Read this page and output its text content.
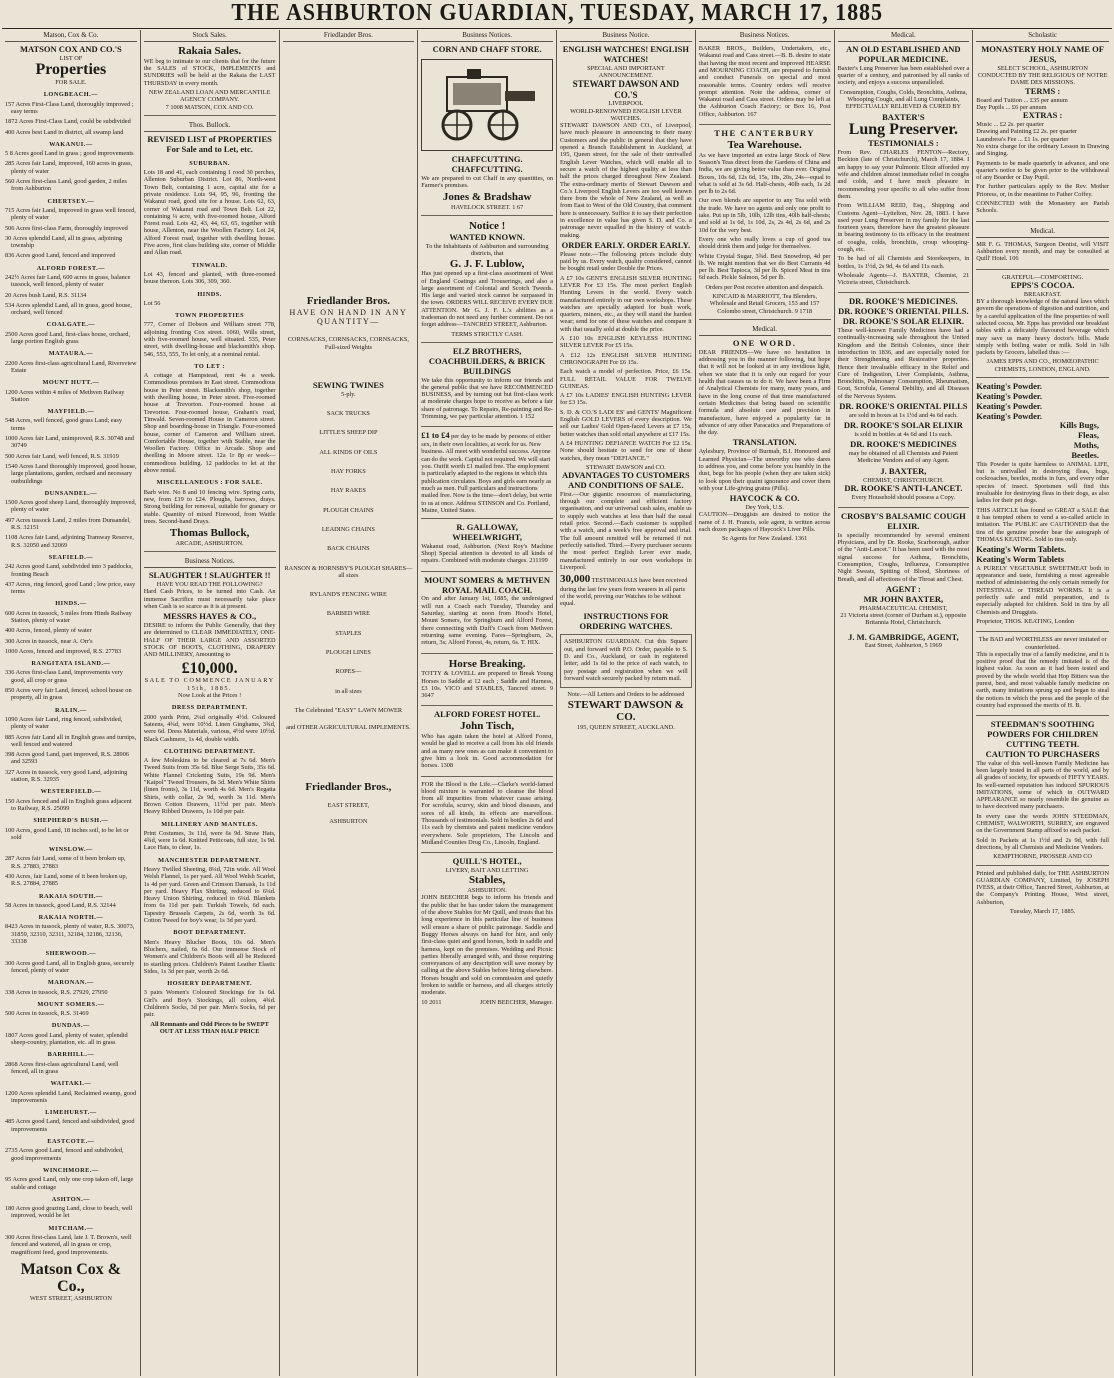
THE ASHBURTON GUARDIAN, TUESDAY, MARCH 17, 1885
Matson, Cox & Co.
MATSON COX AND CO.'S
LIST OF
Properties
FOR SALE.
LONGBEACH.—
157 Acres First-Class Land, thoroughly improved ; easy terms
1872 Acres First-Class Land, could be subdivided
400 Acres best Land in district, all swamp land
WAKANUI.—
5 8 Acres good Land in grass ; good improvements
285 Acres fair Land, improved, 160 acres in grass, plenty of water
560 Acres first-class Land, good garden, 2 miles from Ashburton
CHERTSEY.—
715 Acres fair Land, improved in grass well fenced, plenty of water
506 Acres first-class Farm, thoroughly improved
30 Acres splendid Land, all in grass, adjoining township
836 Acres good Land, fenced and improved
ALFORD FOREST.—
242½ Acres fair Land, 600 acres in grass, balance tussock, well fenced, plenty of water
20 Acres bush Land, R.S. 31134
534 Acres splendid Land, all in grass, good house, orchard, well fenced
COALGATE.—
2500 Acres good Land, first-class house, orchard, large portion English grass
MATAURA.—
2200 Acres first-class agricultural Land, Riversview Estate
MOUNT HUTT.—
1200 Acres within 4 miles of Methven Railway Station
MAYFIELD.—
548 Acres, well fenced, good grass Land; easy terms
1000 Acres fair Land, unimproved, R.S. 30748 and 30749
500 Acres fair Land, well fenced, R.S. 31919
1540 Acres Land thoroughly improved, good house, large plantations, garden, orchard and necessary outbuildings
DUNSANDEL.—
1500 Acres good sheep Land, thoroughly improved, plenty of water
497 Acres tussock Land, 2 miles from Dunsandel, R.S. 32151
1108 Acres fair Land, adjoining Tramway Reserve, R.S. 32050 and 32069
SEAFIELD.—
242 Acres good Land, subdivided into 3 paddocks, fronting Beach
437 Acres, ring fenced, good Land ; low price, easy terms
HINDS.—
600 Acres in tussock, 5 miles from Hinds Railway Station, plenty of water
400 Acres, fenced, plenty of water
300 Acres in tussock, near A. Orr's
1000 Acres, fenced and improved, R.S. 27783
RANGITATA ISLAND.—
336 Acres first-class Land, improvements very good, all crop or grass
850 Acres very fair Land, fenced, school house on property, all in grass
RALIN.—
1090 Acres fair Land, ring fenced, subdivided, plenty of water
885 Acres fair Land all in English grass and turnips, well fenced and watered
398 Acres good Land, part improved, R.S. 28906 and 32593
327 Acres in tussock, very good Land, adjoining station, R.S. 32935
WESTERFIELD.—
150 Acres fenced and all in English grass adjacent to Railway, R.S. 25099
SHEPHERD'S BUSH.—
100 Acres, good Land, 18 inches soil, to be let or sold
WINSLOW.—
287 Acres fair Land, some of it been broken up, R.S. 27883, 27883
430 Acres, fair Land, some of it been broken up, R.S. 27884, 27885
RAKAIA SOUTH.—
58 Acres in tussock, good Land, R.S. 32144
RAKAIA NORTH.—
8423 Acres in tussock, plenty of water, R.S. 30073, 31859, 32310, 32311, 32184, 32186, 32136, 33338
SHERWOOD.—
300 Acres good Land, all in English grass, securely fenced, plenty of water
MARONAN.—
338 Acres in tussock, R.S. 27929, 27950
MOUNT SOMERS.—
500 Acres in tussock, R.S. 31469
DUNDAS.—
1807 Acres good Land, plenty of water, splendid sheep-country, plantation, etc. all in grass
BARRHILL.—
2868 Acres first-class agricultural Land, well fenced, all in grass
WAITAKI.—
1200 Acres splendid Land, Reclaimed swamp, good improvements
LIMEHURST.—
485 Acres good Land, fenced and subdivided, good improvements
EASTCOTE.—
2735 Acres good Land, fenced and subdivided, good improvements
WINCHMORE.—
95 Acres good Land, only one crop taken off, large stable and cottage
ASHTON.—
180 Acres good grazing Land, close to beach, well improved, would be let
MITCHAM.—
300 Acres first-class Land, late J. T. Brown's, well fenced and watered, all in grass or crop, magnificent feed, good improvements.
Matson Cox & Co.,
WEST STREET, ASHBURTON
Stock Sales.
Rakaia Sales.

WE beg to intimate to our clients that for the future the SALES of STOCK, IMPLEMENTS and SUNDRIES will be held at the Rakaia the LAST THURSDAY in every month.

NEW ZEALAND LOAN AND MERCANTILE AGENCY COMPANY.
7 1008 MATSON, COX AND CO.
Thos. Bullock.
REVISED LIST of PROPERTIES For Sale and to Let, etc.
SUBURBAN.

Lots 18 and 41, each containing 1 rood 30 perches, Allenton Suburban District. Lot 86, North-west Town Belt, containing 1 acre, capital site for a private residence. Lots 94, 95, 96, fronting the Wakanui road, good site for a house. Lots 62, 63, corner of Wakanui road and Town Belt. Lot 22, containing ¼ acre, with five-roomed house, Alford Forest road. Lots 42, 43, 44, 63, 65, together with house, Allenton, near the Woollen Factory. Lot 24, Alford Forest road, together with dwelling house. Five acres, first class building site, corner of Middle and Allan road.

TINWALD.

Lot 43, fenced and planted, with three-roomed house thereon. Lots 306, 309, 360.

HINDS.

Lot 56

TOWN PROPERTIES

777, Corner of Dobson and William street 778, adjoining fronting Cox street. 1060, Wills street, with five-roomed house, well situated. 535, Peter street, with dwelling-house and blacksmith's shop. 546, 553, 555, To let only, at a nominal rental.

TO LET :

A cottage at Hampstead, rent 4s a week. Commodious premises in East street. Commodious house in Peter street. Blacksmith's shop, together with dwelling house, in Peter street. Five-roomed house at Trevorton. Four-roomed house at Trevorton. Four-roomed house, Graham's road, Tinwald. Seven-roomed House in Cameron street. Shop and boarding-house in Triangle. Four-roomed house, corner of Cameron and William street. Comfortable House, together with Stable, near the Woollen Factory. Office in Arcade. Shop and dwelling in Moore street. 12a 1r 8p er week—commodious building. 12 paddocks to let at the above rental.

MISCELLANEOUS : FOR SALE.

Barb wire. No 8 and 10 fencing wire. Spring carts, new, from £19 to £24. Ploughs, harrows, drays. Strong building for removal, suitable for granary or stable. Quantity of mixed Firewood, from Wattle trees. Second-hand Drays.

Thomas Bullock,
ARCADE, ASHBURTON.
Business Notices.
SLAUGHTER ! SLAUGHTER !!
HAVE YOU READ THE FOLLOWING?

Hard Cash Prices, to be turned into Cash. An immense Sacrifice must necessarily take place when Cash is so scarce as it is at present.

MESSRS HAYES & CO.,

DESIRE to inform the Public Generally, that they are determined to CLEAR IMMEDIATELY, ONE-HALF OF THEIR LARGE AND ASSORTED STOCK OF BOOTS, CLOTHING, DRAPERY AND MILLINERY, Amounting to

£10,000.
SALE TO COMMENCE JANUARY 15th, 1885.
Now Look at the Prices !
DRESS DEPARTMENT.

2000 yards Print, 2¼d originally 4½d. Coloured Sateens, 4¾d, were 10½d. Linen Ginghams, 3¾d, were 6d. Dress Materials, various, 4½d were 10½d. Black Cashmere, 1s 4d, double width.

CLOTHING DEPARTMENT.

A few Moleskins to be cleared at 7s 6d. Men's Tweed Suits from 35s 6d. Blue Serge Suits, 35s 6d. White Flannel Cricketing Suits, 19s 9d. Men's "Kaipol" Tweed Trousers, 8s 3d. Men's White Shirts (linen fronts), 3s 11d, worth 4s 6d. Men's Regatta Shirts, with collar, 2s 9d, worth 3s 11d. Men's Brown Cotton Drawers, 11½d per pair. Men's Heavy Ribbed Drawers, 1s 10d per pair.

MILLINERY AND MANTLES.

Print Costumes, 3s 11d, were 6s 9d. Straw Hats, 4¾d, were 1s 6d. Knitted Petticoats, full size, 1s 9d. Lace Hats, to clear, 1s.

MANCHESTER DEPARTMENT.

Heavy Twilled Sheeting, 8¼d, 72in wide. All Wool Welsh Flannel, 1s per yard. All Wool Welsh Scarlet, 1s 4d per yard. Green and Crimson Damask, 1s 11d per yard. Heavy Flax Shirting, reduced to 6¼d. Heavy Union Shirting, reduced to 6¼d. Blankets from 6s 11d per pair. Turkish Towels, 6d each. Tapestry Brussels Carpets, 2s 6d, worth 3s 6d. Cotton Tweed for boy's wear, 1s 3d per yard.

BOOT DEPARTMENT.

Men's Heavy Blucher Boots, 10s 6d. Men's Bluchers, nailed, 6s 6d. Our immense Stock of Women's and Children's Boots will all be Reduced to startling prices. Children's Patent Leather Elastic Sides, 1s 3d per pair, worth 2s 6d.

HOSIERY DEPARTMENT.

3 pairs Women's Coloured Stockings for 1s 6d. Girl's and Boy's Stockings, all colors, 4¾d. Children's Socks, 3d per pair. Men's Socks, 6d per pair.

All Remnants and Odd Pieces to be SWEPT OUT AT LESS THAN HALF PRICE
Friedlander Bros.
Friedlander Bros.
HAVE ON HAND IN ANY QUANTITY—
CORNSACKS, CORNSACKS, CORNSACKS,
Full-sized Weights
SEWING TWINES
5-ply.
SACK TRUCKS
LITTLE'S SHEEP DIP
ALL KINDS OF OILS
HAY FORKS
HAY RAKES
PLOUGH CHAINS
LEADING CHAINS
BACK CHAINS
RANSON & HORNSBY'S PLOUGH SHARES—all sizes
RYLAND'S FENCING WIRE
BARBED WIRE
STAPLES
PLOUGH LINES
ROPES—
in all sizes
The Celebrated "EASY" LAWN MOWER
and OTHER AGRICULTURAL IMPLEMENTS.
Friedlander Bros.,
EAST STREET,
ASHBURTON
Business Notices.
CORN AND CHAFF STORE.
CHAFFCUTTING. CHAFFCUTTING.

We are prepared to cut Chaff in any quantities, on Farmer's premises.

Jones & Bradshaw
HAVELOCK STREET. 1 67
Notice !
WANTED KNOWN.
To the Inhabitants of Ashburton and surrounding districts, that
G. J. F. Lublow,

Has just opened up a first-class assortment of West of England Coatings and Trouserings, and also a large assortment of Colonial and Scotch Tweeds. His large and varied stock cannot be surpassed in the town. ORDERS WILL RECEIVE EVERY DUE ATTENTION. Mr G. J. F. L.'s abilities as a tradesman do not need any further comment. Do not forget address—TANCRED STREET, Ashburton.

TERMS STRICTLY CASH.
ELZ BROTHERS, COACHBUILDERS, & BRICK BUILDINGS

We take this opportunity to inform our friends and the general public that we have RECOMMENCED BUSINESS, and by turning out but first-class work at moderate charges hope to receive as before a fair share of patronage. To Repairs, Re-painting and Re-Trimming, we pay particular attention. 1 152

£1 to £4 per day to be made by persons of either sex, in their own localities, at work for us. New business. All meet with wonderful success. Anyone can do the work. Capital not required. We will start you. Outfit worth £1 mailed free. The employment is particularly adapted to the regions in which this publication circulates. Boys and girls earn nearly as much as men. Full particulars and instructions mailed free. Now is the time—don't delay, but write to us at once. Address STINSON and Co. Portland, Maine, United States.
R. GALLOWAY, WHEELWRIGHT,

Wakanui road, Ashburton. (Next Roy's Machine Shop) Special attention is devoted to all kinds of repairs. Combined with moderate charges. 211199

MOUNT SOMERS & METHVEN ROYAL MAIL COACH.

On and after January 1st, 1885, the undersigned will run a Coach each Tuesday, Thursday and Saturday, starting at noon from Hood's Hotel, Mount Somers, for Springburn and Alford Forest, there connecting with Duff's Coach from Methven returning same evening. Fares—Springburn, 2s, return, 3s; Alford Forest, 4s, return, 6s. T. HIX.

Horse Breaking.

TOTTY & LOVELL are prepared to Break Young Horses to Saddle at 12 each ; Saddle and Harness, £3 10s. VICO and STABLES, Tancred street. 9 3647

ALFORD FOREST HOTEL.
John Tisch,

Who has again taken the hotel at Alford Forest, would be glad to receive a call from his old friends and as many new ones as can make it convenient to give him a look in. Good accommodation for horses. 1308

FOR the Blood is the Life.—Clarke's world-famed blood mixture is warranted to cleanse the blood from all impurities from whatever cause arising. For scrofula, scurvy, skin and blood diseases, and sores of all kinds, its effects are marvellous. Thousands of testimonials. Sold in bottles 2s 6d and 11s each by chemists and patent medicine vendors everywhere. Sole proprietors, The Lincoln and Midland Counties Drug Co., Lincoln, England.

QUILL'S HOTEL,
LIVERY, BAIT AND LETTING
Stables,
ASHBURTON.

JOHN BEECHER begs to inform his friends and the public that he has under taken the management of the above Stables for Mr Quill, and trusts that his long experience in this particular line of business will ensure a share of public patronage. Saddle and Buggy Horses always on hand for hire, and only first-class quiet and good horses, both in saddle and harness, kept on the premises. Wedding and Picnic parties liberally arranged with, and those requiring conveyances of any description will save money by calling at the above Stables before hiring elsewhere. Horses bought and sold on commission and quietly broken to saddle or harness, and all charges strictly moderate.

10 2011	JOHN BEECHER, Manager.
Business Notice.
ENGLISH WATCHES! ENGLISH WATCHES!
SPECIAL AND IMPORTANT ANNOUNCEMENT.
STEWART DAWSON AND CO.'S
LIVERPOOL
WORLD-RENOWNED ENGLISH LEVER WATCHES.

STEWART DAWSON AND CO., of Liverpool, have much pleasure in announcing to their many Customers and the public in general that they have opened a Branch Establishment in Auckland, at 195, Queen street, for the sale of their unrivalled English Lever Watches, which will enable all to secure a watch of the highest quality at less than half the prices charged throughout New Zealand. The extra-ordinary merits of Stewart Dawson and Co.'s Liverpool English Levers are too well known there from the whole of New Zealand, as well as from East to West of the Old Country, that comment here is unnecessary. Suffice it to say their perfection in excellence in value has given S. D. and Co. a patronage never equalled in the history of watch-making.

ORDER EARLY. ORDER EARLY.

Please note.—The following prices include duty paid by us. Every watch, quality considered, cannot be bought retail under Double the Prices.

A £7 10s GENT'S ENGLISH SILVER HUNTING LEVER For £3 15s. The most perfect English Hunting Levers in the world. Every watch manufactured entirely in our own workshops. These watches are specially adapted for bush work, quarters, miners, etc., as they will stand the hardest wear; send for one of these watches and compare it with that usually sold at double the price.

A £10 10s ENGLISH KEYLESS HUNTING SILVER LEVER For £5 15s.

A £12 12s ENGLISH SILVER HUNTING CHRONOGRAPH For £6 15s.

Each watch a model of perfection. Price, £6 15s. FULL RETAIL VALUE FOR TWELVE GUINEAS.

A £7 10s LADIES' ENGLISH HUNTING LEVER for £3 15s.

S. D. & CO.'S LADI ES' and GENTS' Magnificent English GOLD LEVERS of every description. We sell our Ladies' Gold Open-faced Levers at £7 15s, better watches than sold retail anywhere at £17 15s.

A £4 HUNTING DEFIANCE WATCH For £2 15s. None should hesitate to send for one of these watches, they mean "DEFIANCE."

STEWART DAWSON and CO.
ADVANTAGES TO CUSTOMERS AND CONDITIONS OF SALE.

First.—Our gigantic resources of manufacturing, through our complete and efficient factory organisation, and our universal cash sales, enable us to supply such watches at less than half the usual retail price. Second.—Each customer is supplied with a watch, and a week's free approval and trial. The full amount remitted will be returned if not perfectly satisfied. Third.—Every purchaser secures the most perfect English Lever ever made, manufactured entirely in our own workshops in Liverpool.

30,000 TESTIMONIALS have been received during the last few years from wearers in all parts of the world, proving our Watches to be without equal.
INSTRUCTIONS FOR ORDERING WATCHES.

ASHBURTON GUARDIAN. Cut this Square out, and forward with P.O. Order, payable to S. D. and Co., Auckland, or cash in registered letter; add 1s 6d to the price of each watch, to pay postage and registration when we will forward watch securely packed by return mail.

Note.—All Letters and Orders to be addressed
STEWART DAWSON & CO.
195, QUEEN STREET, AUCKLAND.
Business Notices.

BAKER BROS., Builders, Undertakers, etc., Wakanui road and Cass street.—B. B. desire to state that having the most recent and improved HEARSE and MOURNING COACH, are prepared to furnish and conduct Funerals on special and most reasonable terms. Country orders will receive prompt attention. Note the address, corner of Wakanui road and Cass street. Orders may be left at the Ashburton Coach Factory; or Box 16, Post Office, Ashburton. 167

THE CANTERBURY
Tea Warehouse.

As we have imported an extra large Stock of New Season's Teas direct from the Gardens of China and India, we are giving better value than ever. Original Boxes, 10s 6d, 12s 6d, 15s, 18s, 20s, 24s—equal to what is sold at 3s 6d. Half-chests, 40lb each, 1s 2d per lb to 2s 6d.

Our own blends are superior to any Tea sold with the trade. We have no agents and only one profit to take. Put up in 5lb, 10lb, 12lb tins, 40lb half-chests; and sold at 1s 6d, 1s 10d, 2s, 2s 4d, 2s 6d, and 2s 10d for the very best.

Every one who really loves a cup of good tea should drink them and judge for themselves.

White Crystal Sugar, 3¾d. Best Snowdrop, 4d per lb. We might mention that we do Best Currants 4d per lb. Best Tapioca, 3d per lb. Spiced Meat in tins 6d each. Pickle Salmon, 5d per lb.

Orders per Post receive attention and despatch.

KINCAID & MARRIOTT, Tea Blenders, Wholesale and Retail Grocers, 153 and 157 Colombo street, Christchurch. 9 1718
Medical.
ONE WORD.

DEAR FRIENDS—We have no hesitation in addressing you in the manner following, but hope that it will not be looked at in any invidious light, when we state that it is only our regard for your health that causes us to do it. We have been a Firm of Analytical Chemists for many, many years, and have in the long course of that time manufactured certain Medicines that being based on scientific formula and absolute care and precision in manufacture, have enjoyed a popularity far in advance of any other Paracatics and Preparations of the day.

TRANSLATION.

Aylesbury, Province of Burmah, B.I. Honoured and Learned Physician—The unworthy one who dares to address you, and come before you humbly in the dust, begs for his people (when they are taken sick) to look upon their quaint ignorance and cover them with your Life-giving grains (Pills).

HAYCOCK & CO.
Dey York, U.S.

CAUTION—Druggists are desired to notice the name of J. H. Francis, sole agent, is written across each dozen packages of Haycock's Liver Pills.

Sc Agents for New Zealand. 1361
Medical.
AN OLD ESTABLISHED AND POPULAR MEDICINE.

Baxter's Lung Preserver has been established over a quarter of a century, and patronised by all ranks of society, and enjoys a success unparalleled.

Consumption, Coughs, Colds, Bronchitis, Asthma, Whooping Cough, and all Lung Complaints, EFFECTUALLY RELIEVED & CURED BY

BAXTER'S
Lung Preserver.
TESTIMONIALS :

From Rev. CHARLES FENTON—Rectory, Beckton (late of Christchurch), March 17, 1884. I am happy to say your Pulmonic Elixir afforded my wife and children almost immediate relief in coughs and colds, and I have much pleasure in recommending your specific to all who suffer from them.

From WILLIAM REID, Esq., Shipping and Customs Agent—Lyttelton, Nov. 28, 1883. I have used your Lung Preserver in my family for the last fourteen years, therefore have the greatest pleasure in bearing testimony to its efficacy in the treatment of coughs, colds, bronchitis, croup whooping-cough, etc.

To be had of all Chemists and Storekeepers, in bottles, 1s 1½d, 2s 9d, 4s 6d and 11s each.

Wholesale Agents—J. BAXTER, Chemist, 21 Victoria street, Christchurch.

DR. ROOKE'S MEDICINES.
DR. ROOKE'S ORIENTAL PILLS.
DR. ROOKE'S SOLAR ELIXIR.

These well-known Family Medicines have had a continually-increasing sale throughout the United Kingdom and the British Colonies, since their introduction in 1836, and are especially noted for their Strengthening and Restorative properties. Hence their invaluable efficacy in the Relief and Cure of Indigestion, Liver Complaints, Asthma, Bronchitis, Pulmonary Consumption, Rheumatism, Gout, Scrofula, General Debility, and all Diseases of the Nervous System.

DR. ROOKE'S ORIENTAL PILLS

are sold in boxes at 1s 1½d and 4s 6d each.

DR. ROOKE'S SOLAR ELIXIR

is sold in bottles at 4s 6d and 11s each.

DR. ROOKE'S MEDICINES

may be obtained of all Chemists and Patent Medicine Vendors and of any Agent.

J. BAXTER,
CHEMIST, CHRISTCHURCH.
DR. ROOKE'S ANTI-LANCET.

Every Household should possess a Copy.

CROSBY'S BALSAMIC COUGH ELIXIR.

Is specially recommended by several eminent Physicians, and by Dr. Rooke, Scarborough, author of the "Anti-Lancet." It has been used with the most signal success for Asthma, Bronchitis, Consumption, Coughs, Influenza, Consumptive Night Sweats, Spitting of Blood, Shortness of Breath, and all affections of the Throat and Chest.

AGENT :
MR JOHN BAXTER,
PHARMACEUTICAL CHEMIST,
21 Victoria street (corner of Durham st.), opposite Britannia Hotel, Christchurch.
J. M. GAMBRIDGE, AGENT,
East Street, Ashburton, 5 1969
Scholastic
MONASTERY HOLY NAME OF JESUS,
SELECT SCHOOL, ASHBURTON
CONDUCTED BY THE RELIGIOUS OF NOTRE DAME DES MISSIONS.
TERMS :
Board and Tuition ... £35 per annum
Day Pupils ... £6 per annum
EXTRAS :
Music ... £2 2s. per quarter
Drawing and Painting £2 2s. per quarter
Laundress's Fee ... £1 1s. per quarter

No extra charge for the ordinary Lesson in Drawing and Singing.

Payments to be made quarterly in advance, and one quarter's notice to be given prior to the withdrawal of any Boarder or Day Pupil.

For further particulars apply to the Rev. Mother Prioress, or, in the meantime to Father Coffey.

CONNECTED with the Monastery are Parish Schools.

Medical.

MR F. G. THOMAS, Surgeon Dentist, will VISIT Ashburton every month, and may be consulted at Quill' Hotel. 106

GRATEFUL—COMFORTING.
EPPS'S COCOA.
BREAKFAST.

BY a thorough knowledge of the natural laws which govern the operations of digestion and nutrition, and by a careful application of the fine properties of well selected cocoa, Mr. Epps has provided our breakfast tables with a delicately flavoured beverage which may save us many heavy doctor's bills. Made simply with boiling water or milk. Sold in ¼lb packets by Grocers, labelled thus :—

JAMES EPPS AND CO., HOMŒOPATHIC CHEMISTS, LONDON, ENGLAND.
Keating's Powder.
Keating's Powder.
Keating's Powder.
Keating's Powder.
Kills Bugs,
Fleas,
Moths,
Beetles.

This Powder is quite harmless to ANIMAL LIFE, but is unrivalled in destroying fleas, bugs, cockroaches, beetles, moths in furs, and every other species of insect. Sportsmen will find this invaluable for destroying fleas in their dogs, as also ladies for their pet dogs.

THIS ARTICLE has found so GREAT a SALE that it has tempted others to vend a so-called article in imitation. The PUBLIC are CAUTIONED that the tins of the genuine powder bear the autograph of THOMAS KEATING. Sold in tins only.

Keating's Worm Tablets.
Keating's Worm Tablets

A PURELY VEGETABLE SWEETMEAT both in appearance and taste, furnishing a most agreeable method of administering the only certain remedy for INTESTINAL or THREAD WORMS. It is a perfectly safe and mild preparation, and is especially adapted for children. Sold in tins by all Chemists and Druggists.

Proprietor, THOS. KEATING, London

The BAD and WORTHLESS are never imitated or counterfeited.

This is especially true of a family medicine, and it is positive proof that the remedy imitated is of the highest value. As soon as it had been tested and proved by the whole world that Hop Bitters was the purest, best, and most valuable family medicine on earth, many imitations sprung up and began to steal the notices in which the press and the people of the country had expressed the merits of H. B.

STEEDMAN'S SOOTHING POWDERS FOR CHILDREN CUTTING TEETH.
CAUTION TO PURCHASERS

The value of this well-known Family Medicine has been largely tested in all parts of the world, and by all grades of society, for upwards of FIFTY YEARS. Its well-earned reputation has induced SPURIOUS IMITATIONS, some of which in OUTWARD APPEARANCE so nearly resemble the genuine as to have deceived many purchasers.

In every case the words JOHN STEEDMAN, CHEMIST, WALWORTH, SURREY, are engraved on the Government Stamp affixed to each packet.

Sold in Packets at 1s 1½d and 2s 9d, with full directions, by all Chemists and Medicine Vendors.

KEMPTHORNE, PROSSER AND CO

Printed and published daily, for THE ASHBURTON GUARDIAN COMPANY, Limited, by JOSEPH IVESS, at their Office, Tancred Street, Ashburton, at the Company's Printing House, West street, Ashburton,

Tuesday, March 17, 1885.
